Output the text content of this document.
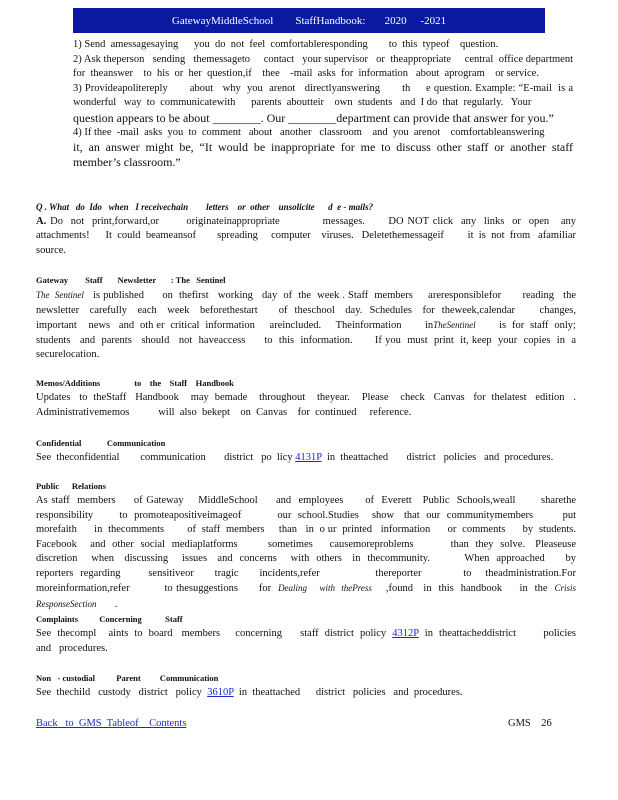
GatewayMiddleSchool        StaffHandbook:       2020     -2021

1) Send  amessagesaying      you  do  not  feel  comfortableresponding        to  this  typeof    question.

2) Ask theperson   sending   themessageto     contact   your supervisor   or  theappropriate     central  office department    for  theanswer    to  his  or  her  question,if    thee    -mail  asks  for  information   about  aprogram    or service.

3) Provideapolitereply       about   why  you  arenot   directlyanswering       th     e question. Example: “E-mail  is a wonderful   way  to  communicatewith      parents  aboutteir    own  students   and  I do  that  regularly.   Your

question appears to be about ________. Our ________department can provide that answer for you.”

4) If thee  -mail  asks  you  to  comment   about   another   classroom    and  you  arenot    comfortableanswering

it, an answer might be, “It would be inappropriate for me to discuss other staff or another staff member’s classroom.”

Q . What   do  Ido   when   I receivechain        letters    or  other    unsolicite      d  e - mails?

A. Do  not  print,forward,or       originateinappropriate           messages.      DO NOT click  any  links  or  open   any attachments!      It  could  beameansof        spreading     computer    viruses.   Deletethemessageif         it  is  not  from   afamiliar source.

Gateway        Staff       Newsletter       : The   Sentinel

The  Sentinel   is published      on  thefirst   working   day  of  the  week . Staff  members     areresponsiblefor       reading   the newsletter   carefully   each   week   beforethestart      of  theschool   day.  Schedules   for  theweek,calendar       changes, important    news   and  oth er  critical  information     areincluded.     Theinformation        inTheSentinel        is  for  staff  only; students   and  parents   should   not  haveaccess      to  this  information.       If you  must  print  it, keep  your  copies  in  a securelocation.

Memos/Additions                to    the    Staff    Handbook

Updates   to  theStaff   Handbook    may  bemade    throughout    theyear.    Please    check   Canvas   for  thelatest   edition   . Administrativememos           will  also  bekept    on  Canvas    for  continued     reference.

Confidential            Communication

See  theconfidential        communication       district   po  licy 4131P  in  theattached       district   policies   and  procedures.

Public      Relations

As staff  members     of Gateway    MiddleSchool     and  employees      of  Everett   Public  Schools,weall       sharethe responsibility        to  promoteapositiveimageof           our  school.Studies    show   that  our  communitymembers         put morefaith      in  thecomments        of  staff  members     than   in  o ur  printed   information      or  comments      by  students. Facebook    and  other  social  mediaplatforms         sometimes     causemoreproblems           than  they  solve.   Pleaseuse discretion    when   discussing    issues   and  concerns    with  others   in  thecommunity.          When  approached      by  reporters regarding    sensitiveor   tragic   incidents,refer        thereporter      to  theadministration.For         moreinformation,refer          to thesuggestions      for  Dealing    with  thePress    ,found   in  this  handbook     in  the  Crisis  ResponseSection       .

Complaints          Concerning           Staff

See  thecompl    aints  to  board   members     concerning      staff  district  policy  4312P  in  theattacheddistrict         policies and   procedures.

Non   - custodial          Parent         Communication

See  thechild   custody   district   policy  3610P  in  theattached      district   policies   and  procedures.

Back   to  GMS  Tableof    Contents	GMS    26
